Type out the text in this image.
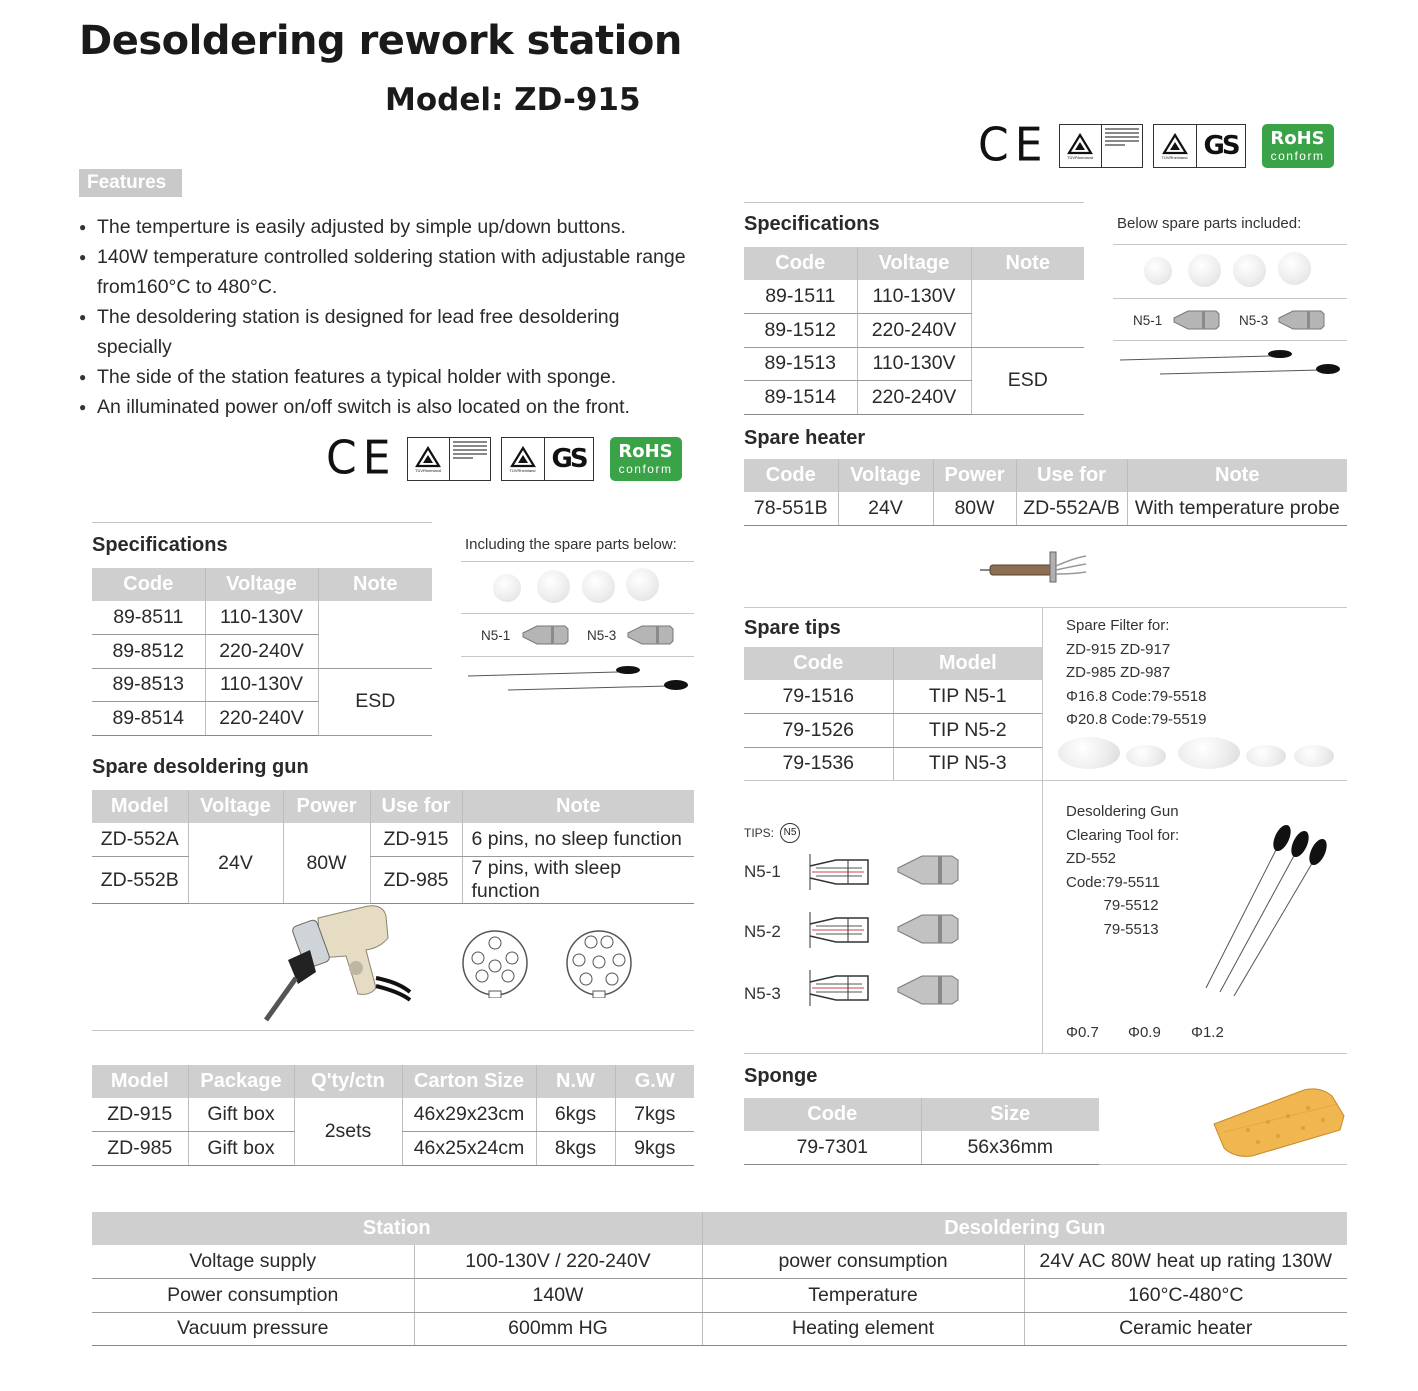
Desoldering rework station
Model: ZD-915
CE	TÜVRheinland	TÜVRheinland GS	RoHS
conform
Features
● The temperture is easily adjusted by simple up/down buttons.
● 140W temperature controlled soldering station with adjustable range from160°C to 480°C.
● The desoldering station is designed for lead free desoldering specially
● The side of the station features a typical holder with sponge.
● An illuminated power on/off switch is also located on the front.
CE	TÜVRheinland	TÜVRheinland GS	RoHS
conform
Specifications
Code	Voltage	Note
89-8511	110-130V	
89-8512	220-240V	
89-8513	110-130V	ESD
89-8514	220-240V	
Including the spare parts below:
N5-1	N5-3
Spare desoldering gun
Model	Voltage	Power	Use for	Note
ZD-552A	24V	80W	ZD-915	6 pins, no sleep function
ZD-552B			ZD-985	7 pins, with sleep function
Model	Package	Q'ty/ctn	Carton Size	N.W	G.W
ZD-915	Gift box	2sets	46x29x23cm	6kgs	7kgs
ZD-985	Gift box		46x25x24cm	8kgs	9kgs
Specifications
Code	Voltage	Note
89-1511	110-130V	
89-1512	220-240V	
89-1513	110-130V	ESD
89-1514	220-240V	
Below spare parts included:
N5-1	N5-3
Spare heater
Code	Voltage	Power	Use for	Note
78-551B	24V	80W	ZD-552A/B	With temperature probe
Spare tips
Code	Model
79-1516	TIP N5-1
79-1526	TIP N5-2
79-1536	TIP N5-3
TIPS: N5
N5-1
N5-2
N5-3
Spare Filter for:
ZD-915 ZD-917
ZD-985 ZD-987
Φ16.8 Code:79-5518
Φ20.8 Code:79-5519
Desoldering Gun
Clearing Tool for:
ZD-552
Code:79-5511
79-5512
79-5513
Φ0.7 Φ0.9 Φ1.2
Sponge
Code	Size
79-7301	56x36mm
Station		Desoldering Gun	
Voltage supply	100-130V / 220-240V	power consumption	24V AC 80W heat up rating 130W
Power consumption	140W	Temperature	160°C-480°C
Vacuum pressure	600mm HG	Heating element	Ceramic heater
